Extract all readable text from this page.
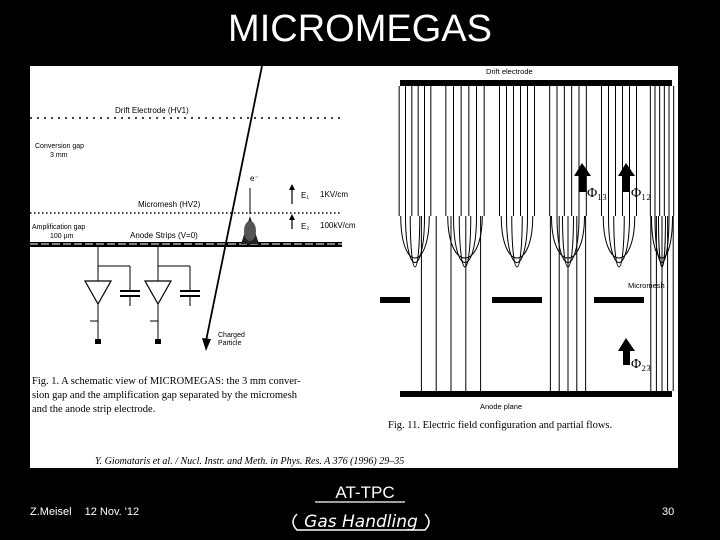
MICROMEGAS
Drift Electrode (HV1)
Conversion gap
3 mm
Micromesh (HV2)
E₁ 1KV/cm
E₂ 100kV/cm
Amplification gap
100 µm	Anode Strips (V=0)
e⁻
Charged
Particle
Fig. 1. A schematic view of MICROMEGAS: the 3 mm conver-
sion gap and the amplification gap separated by the micromesh
and the anode strip electrode.
Drift electrode
Micromesh
Anode plane
Φ₁₃ Φ₁₂
Φ₂₃
Fig. 11. Electric field configuration and partial flows.
Y. Giomataris et al. / Nucl. Instr. and Meth. in Phys. Res. A 376 (1996) 29–35
Z.Meisel 12 Nov. '12
AT-TPC
Gas Handling	30
